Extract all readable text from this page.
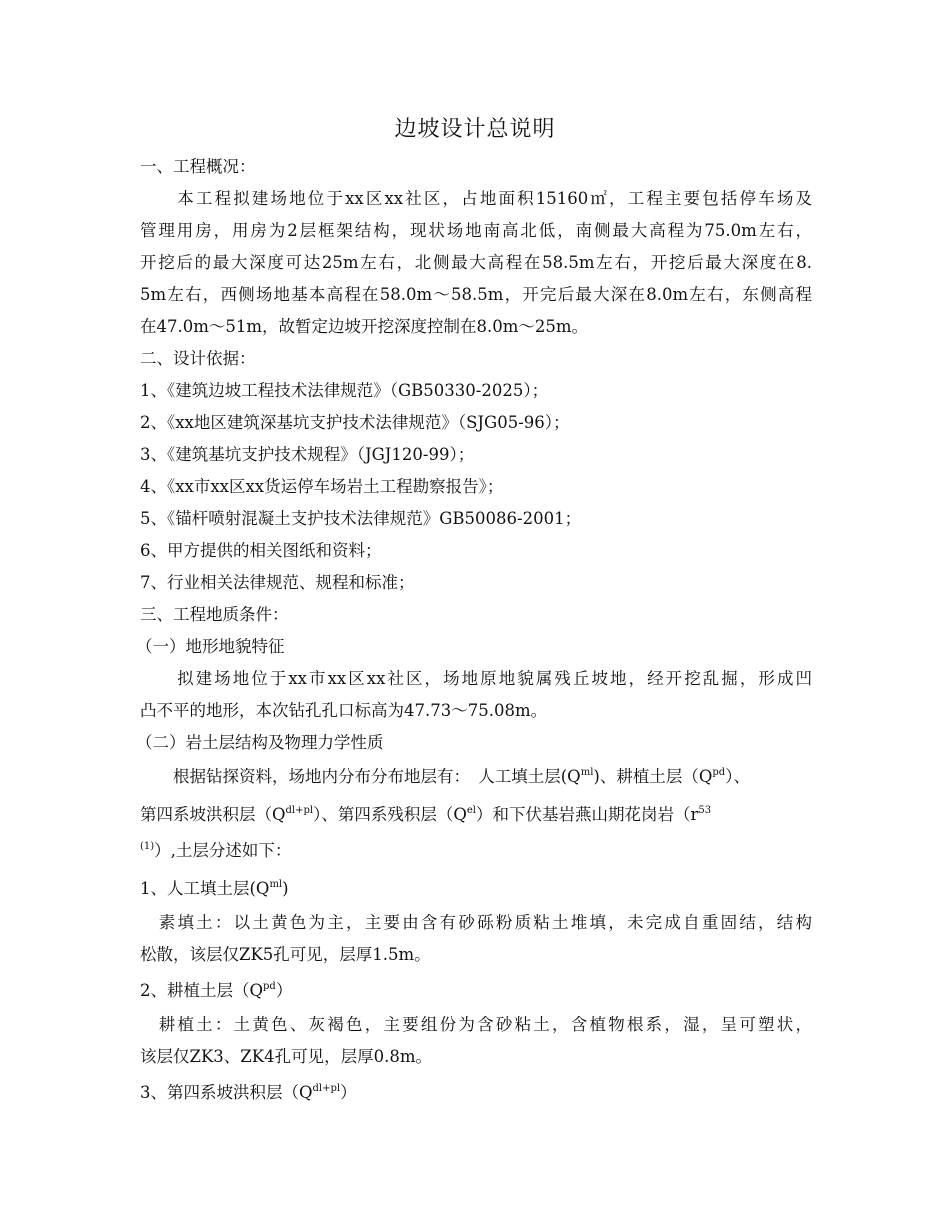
边坡设计总说明
一、工程概况：
　　本工程拟建场地位于xx区xx社区，占地面积15160㎡，工程主要包括停车场及
管理用房，用房为2层框架结构，现状场地南高北低，南侧最大高程为75.0m左右，
开挖后的最大深度可达25m左右，北侧最大高程在58.5m左右，开挖后最大深度在8.
5m左右，西侧场地基本高程在58.0m～58.5m，开完后最大深在8.0m左右，东侧高程
在47.0m～51m，故暂定边坡开挖深度控制在8.0m～25m。
二、设计依据：
1、《建筑边坡工程技术法律规范》（GB50330-2025）；
2、《xx地区建筑深基坑支护技术法律规范》（SJG05-96）；
3、《建筑基坑支护技术规程》（JGJ120-99）；
4、《xx市xx区xx货运停车场岩土工程勘察报告》；
5、《锚杆喷射混凝土支护技术法律规范》GB50086-2001；
6、甲方提供的相关图纸和资料；
7、行业相关法律规范、规程和标准；
三、工程地质条件：
（一）地形地貌特征
　　拟建场地位于xx市xx区xx社区，场地原地貌属残丘坡地，经开挖乱掘，形成凹
凸不平的地形，本次钻孔孔口标高为47.73～75.08m。
（二）岩土层结构及物理力学性质
　　根据钻探资料，场地内分布分布地层有：　人工填土层$(Q^{ml})$、耕植土层$(Q^{pd})$、
第四系坡洪积层$(Q^{dl+pl})$、第四系残积层$(Q^{el})$和下伏基岩燕山期花岗岩（$r^{53}$
$^{(1)}$）,土层分述如下：
1、人工填土层$(Q^{ml})$
　素填土：以土黄色为主，主要由含有砂砾粉质粘土堆填，未完成自重固结，结构
松散，该层仅ZK5孔可见，层厚1.5m。
2、耕植土层$(Q^{pd})$
　耕植土：土黄色、灰褐色，主要组份为含砂粘土，含植物根系，湿，呈可塑状，
该层仅ZK3、ZK4孔可见，层厚0.8m。
3、第四系坡洪积层$(Q^{dl+pl})$
